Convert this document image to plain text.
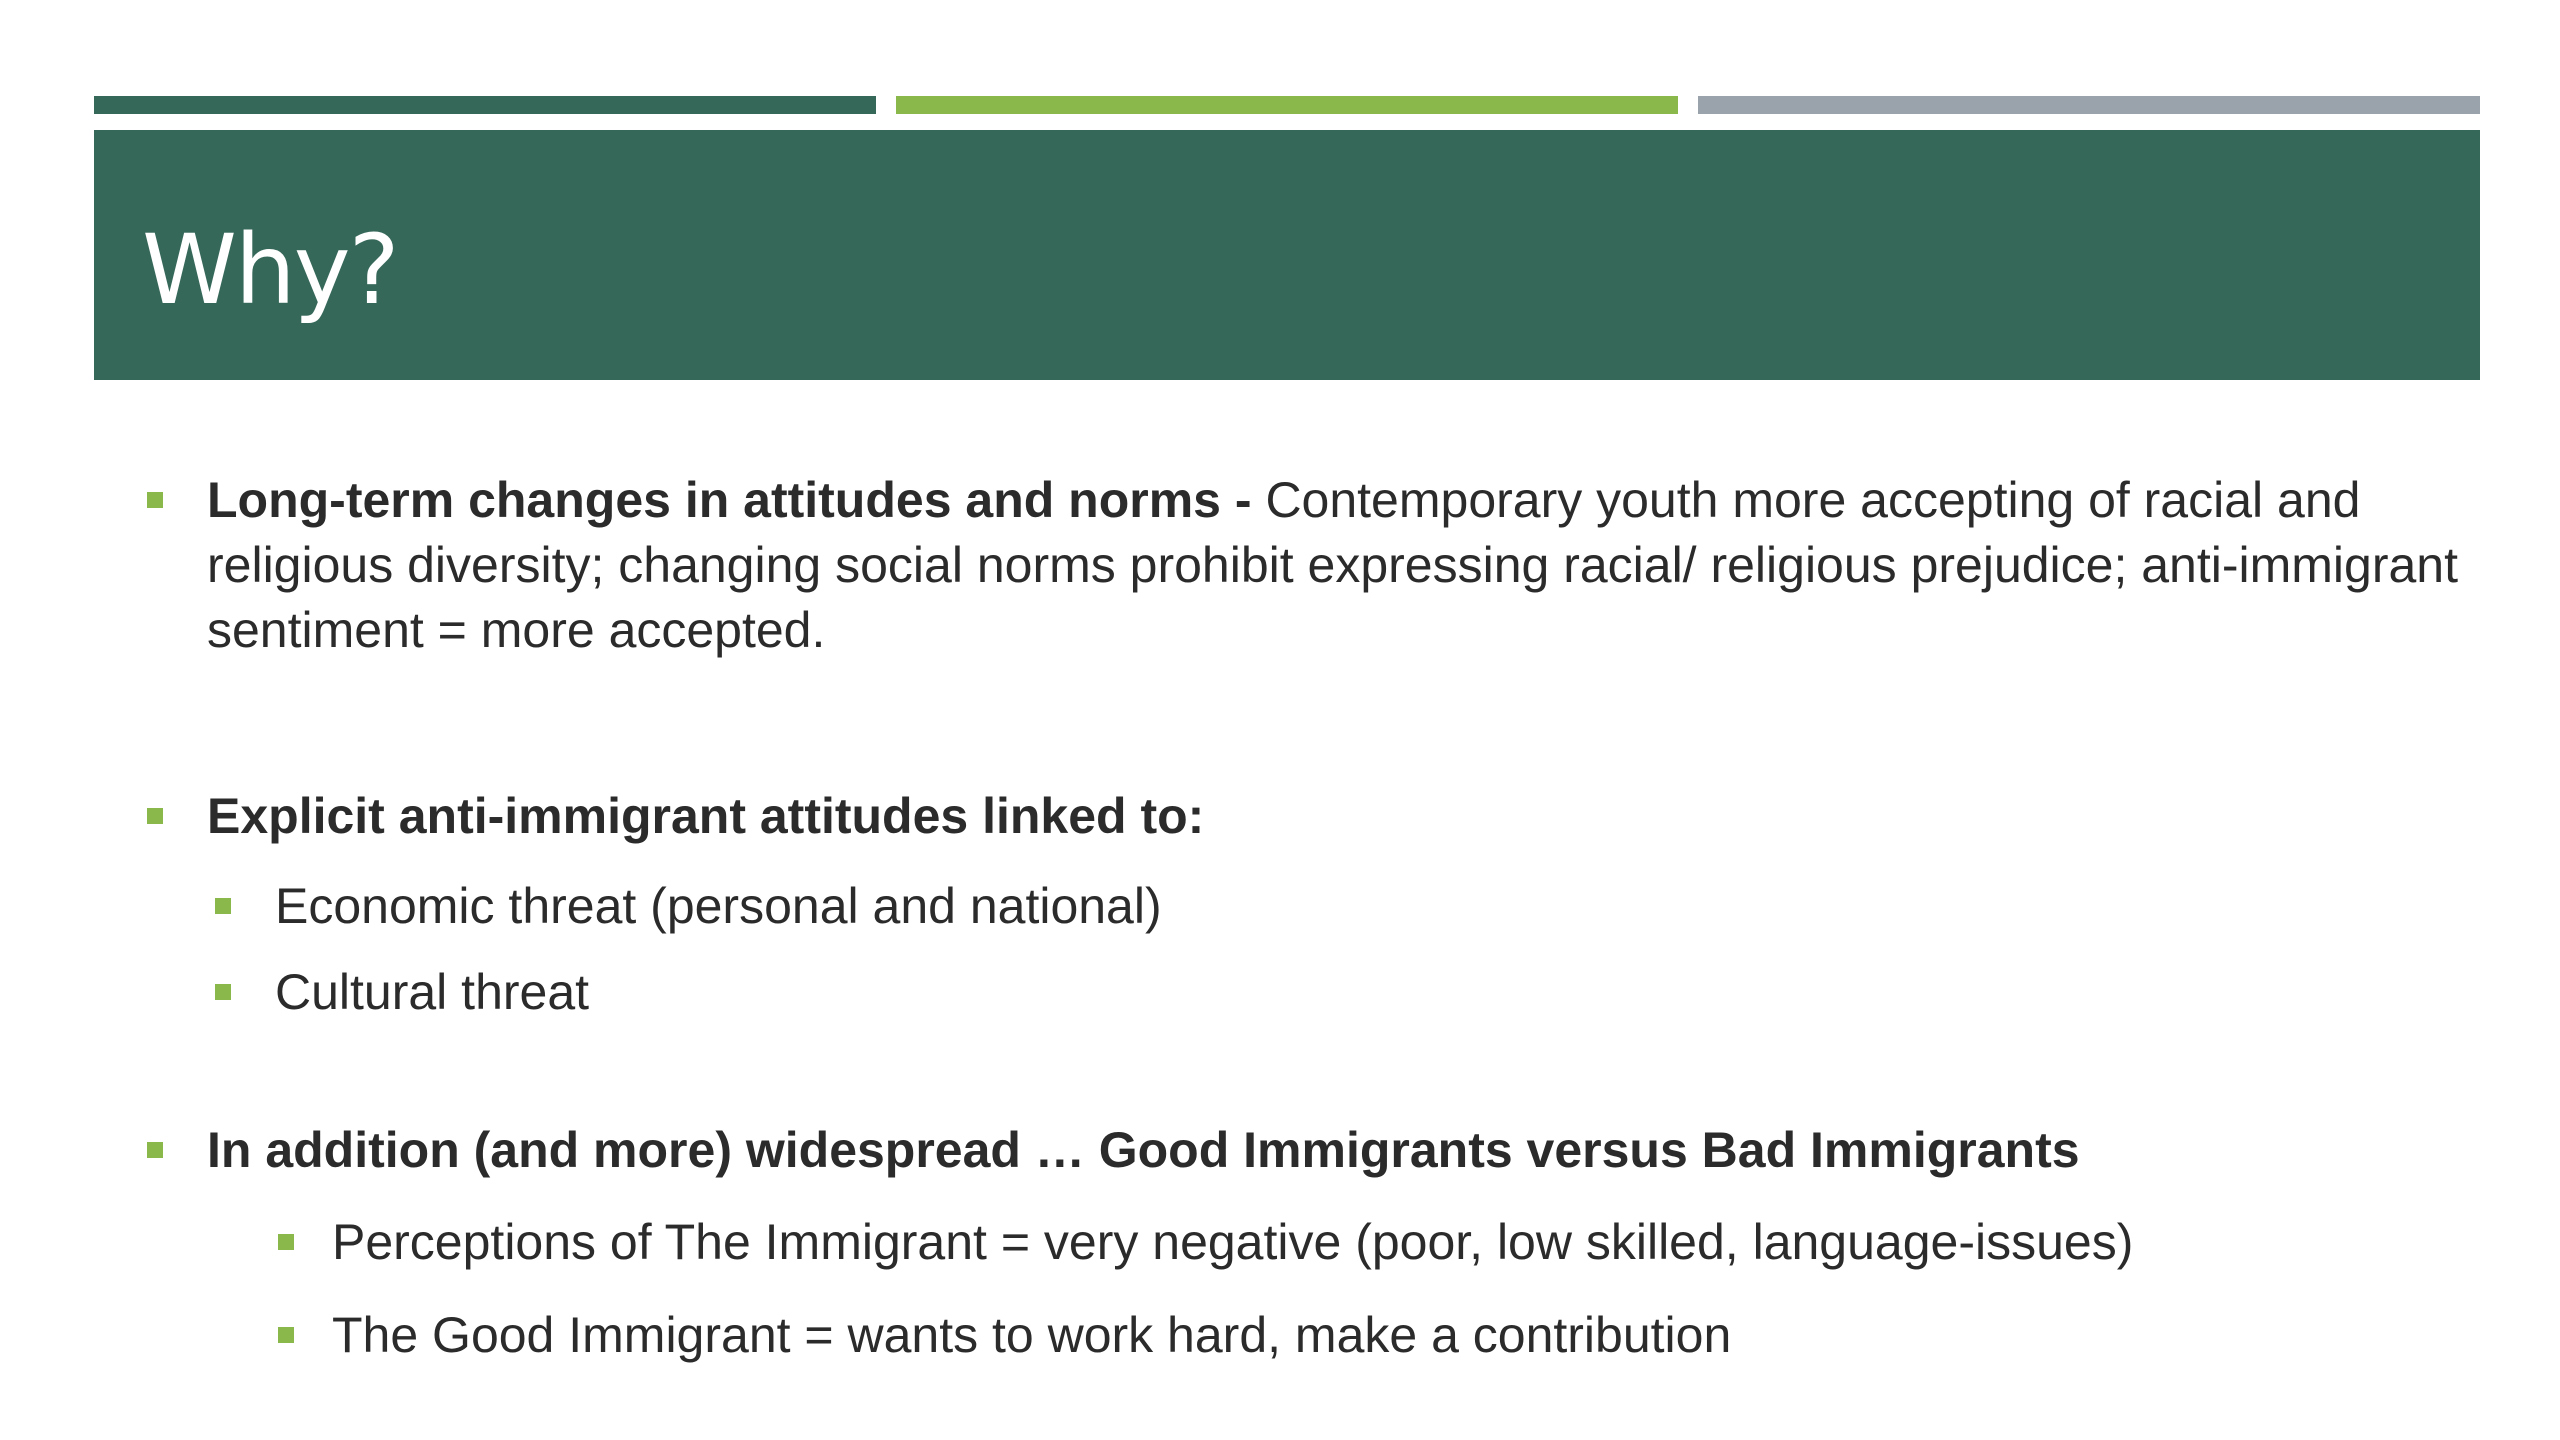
Why?
Long-term changes in attitudes and norms - Contemporary youth more accepting of racial and
religious diversity; changing social norms prohibit expressing racial/ religious prejudice; anti-immigrant
sentiment = more accepted.
Explicit anti-immigrant attitudes linked to:
Economic threat (personal and national)
Cultural threat
In addition (and more) widespread … Good Immigrants versus Bad Immigrants
Perceptions of The Immigrant = very negative (poor, low skilled, language-issues)
The Good Immigrant = wants to work hard, make a contribution
